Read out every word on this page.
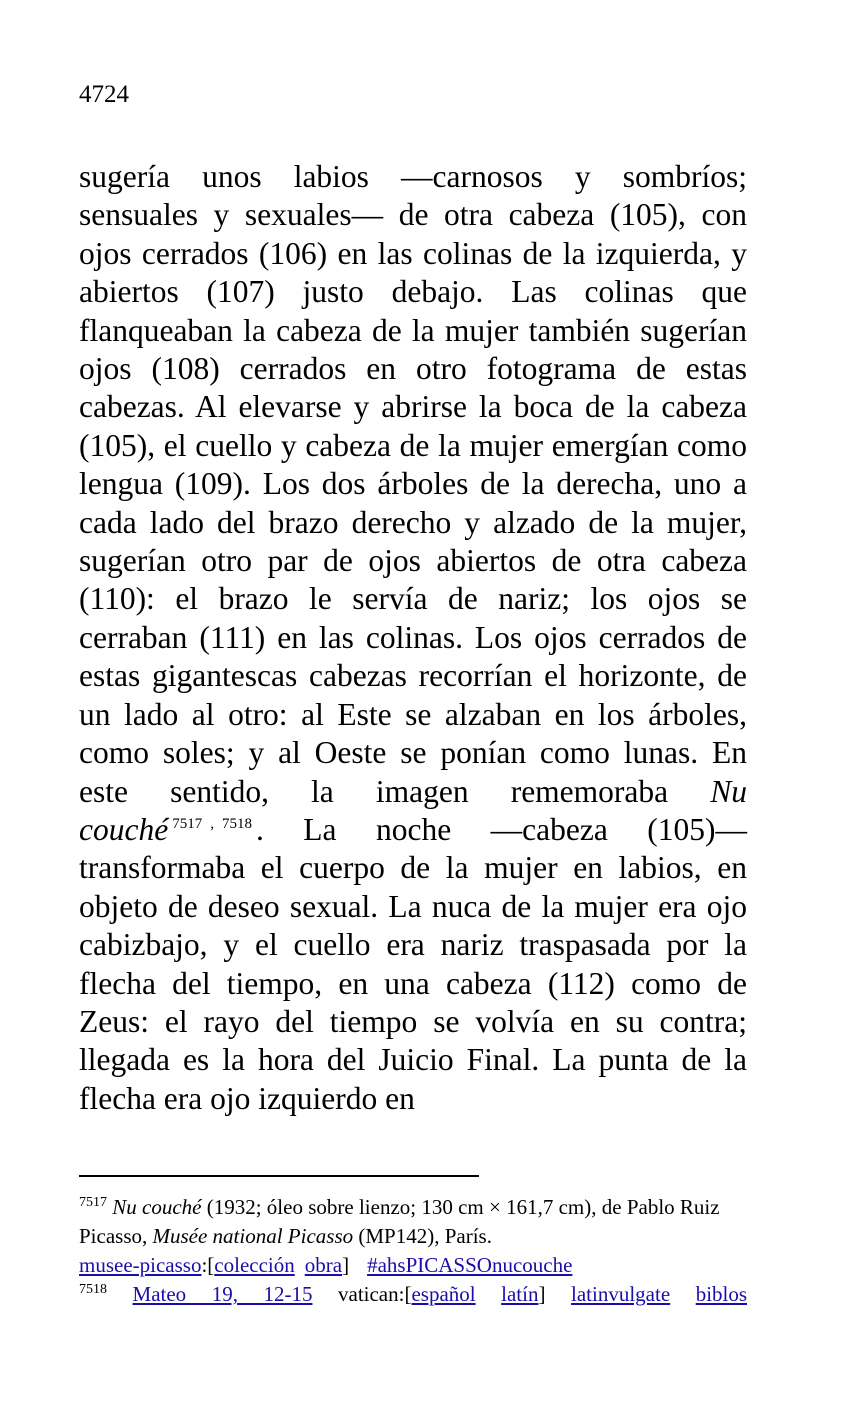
4724
sugería unos labios —carnosos y sombríos; sensuales y sexuales— de otra cabeza (105), con ojos cerrados (106) en las colinas de la izquierda, y abiertos (107) justo debajo. Las colinas que flanqueaban la cabeza de la mujer también sugerían ojos (108) cerrados en otro fotograma de estas cabezas. Al elevarse y abrirse la boca de la cabeza (105), el cuello y cabeza de la mujer emergían como lengua (109). Los dos árboles de la derecha, uno a cada lado del brazo derecho y alzado de la mujer, sugerían otro par de ojos abiertos de otra cabeza (110): el brazo le servía de nariz; los ojos se cerraban (111) en las colinas. Los ojos cerrados de estas gigantescas cabezas recorrían el horizonte, de un lado al otro: al Este se alzaban en los árboles, como soles; y al Oeste se ponían como lunas. En este sentido, la imagen rememoraba Nu couché $^{7517}$ , $^{7518}$ . La noche —cabeza (105)— transformaba el cuerpo de la mujer en labios, en objeto de deseo sexual. La nuca de la mujer era ojo cabizbajo, y el cuello era nariz traspasada por la flecha del tiempo, en una cabeza (112) como de Zeus: el rayo del tiempo se volvía en su contra; llegada es la hora del Juicio Final. La punta de la flecha era ojo izquierdo en

$^{7517}$ Nu couché (1932; óleo sobre lienzo; 130 cm × 161,7 cm), de Pablo Ruiz Picasso, Musée national Picasso (MP142), París.
musee-picasso:[colección obra] #ahsPICASSOnucouche

$^{7518}$ Mateo 19, 12-15 vatican:[español latín] latinvulgate biblos
